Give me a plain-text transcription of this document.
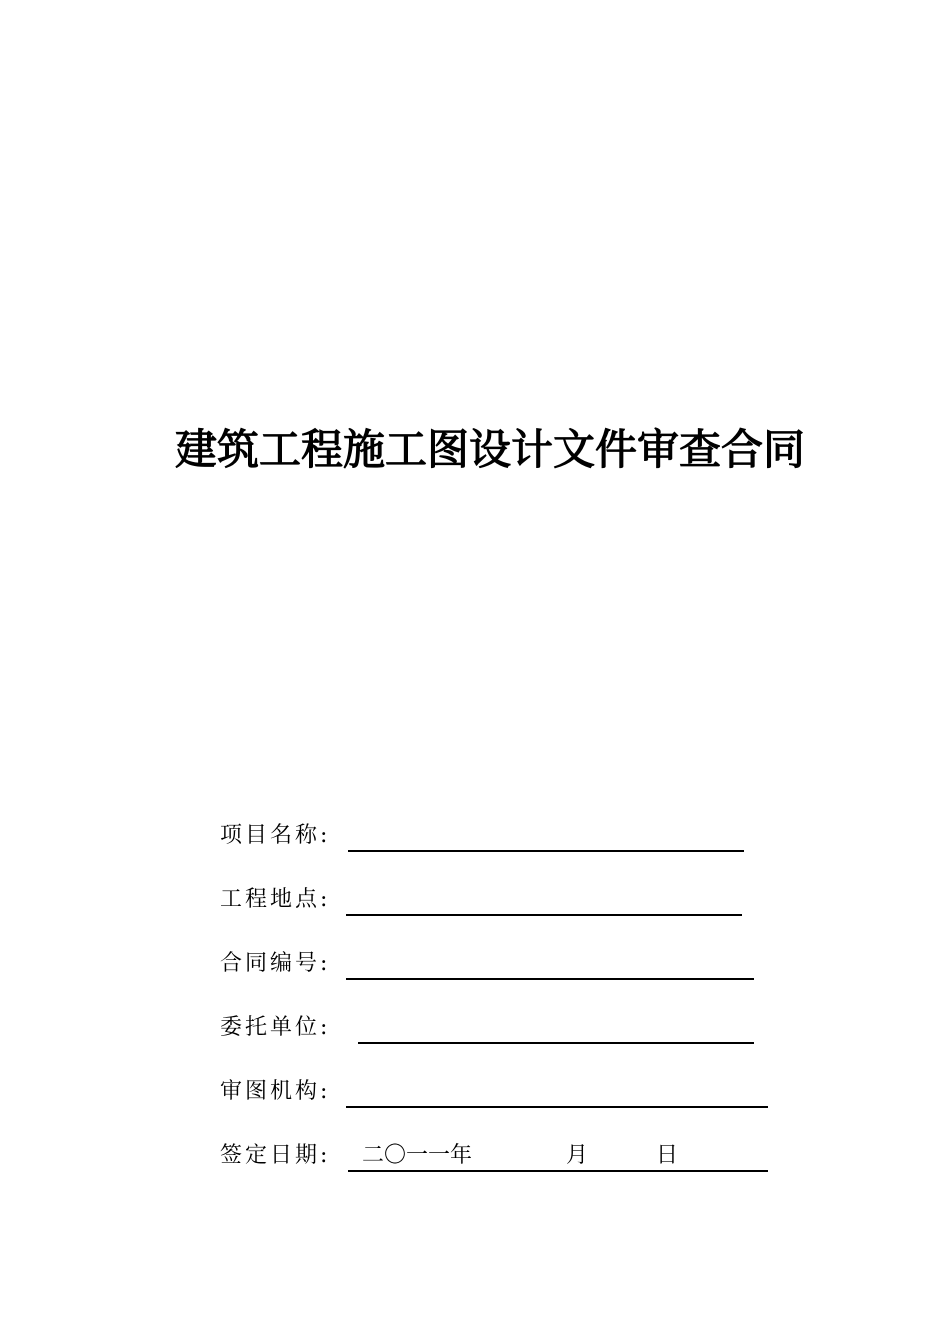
建筑工程施工图设计文件审查合同
项目名称:
工程地点:
合同编号:
委托单位:
审图机构:
签定日期: 二〇一一年	月	日
